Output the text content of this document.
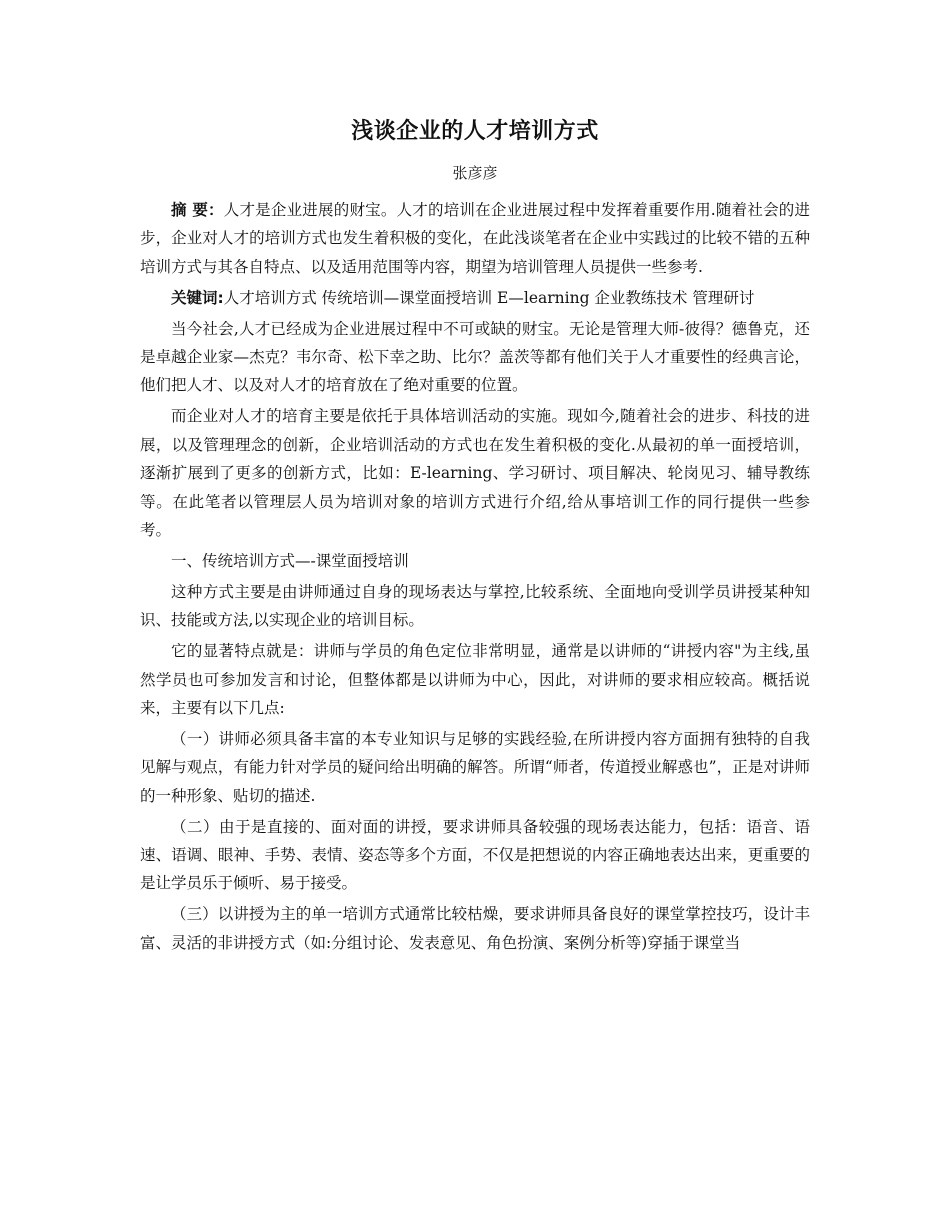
浅谈企业的人才培训方式
张彦彦

摘 要：人才是企业进展的财宝。人才的培训在企业进展过程中发挥着重要作用.随着社会的进步，企业对人才的培训方式也发生着积极的变化，在此浅谈笔者在企业中实践过的比较不错的五种培训方式与其各自特点、以及适用范围等内容，期望为培训管理人员提供一些参考.

关键词:人才培训方式 传统培训—课堂面授培训 E—learning 企业教练技术 管理研讨

当今社会,人才已经成为企业进展过程中不可或缺的财宝。无论是管理大师-彼得？德鲁克，还是卓越企业家—杰克？韦尔奇、松下幸之助、比尔？盖茨等都有他们关于人才重要性的经典言论，他们把人才、以及对人才的培育放在了绝对重要的位置。

而企业对人才的培育主要是依托于具体培训活动的实施。现如今,随着社会的进步、科技的进展，以及管理理念的创新，企业培训活动的方式也在发生着积极的变化.从最初的单一面授培训，逐渐扩展到了更多的创新方式，比如：E-learning、学习研讨、项目解决、轮岗见习、辅导教练等。在此笔者以管理层人员为培训对象的培训方式进行介绍,给从事培训工作的同行提供一些参考。

一、传统培训方式—-课堂面授培训

这种方式主要是由讲师通过自身的现场表达与掌控,比较系统、全面地向受训学员讲授某种知识、技能或方法,以实现企业的培训目标。

它的显著特点就是：讲师与学员的角色定位非常明显，通常是以讲师的“讲授内容"为主线,虽然学员也可参加发言和讨论，但整体都是以讲师为中心，因此，对讲师的要求相应较高。概括说来，主要有以下几点:

（一）讲师必须具备丰富的本专业知识与足够的实践经验,在所讲授内容方面拥有独特的自我见解与观点，有能力针对学员的疑问给出明确的解答。所谓“师者，传道授业解惑也”，正是对讲师的一种形象、贴切的描述.

（二）由于是直接的、面对面的讲授，要求讲师具备较强的现场表达能力，包括：语音、语速、语调、眼神、手势、表情、姿态等多个方面，不仅是把想说的内容正确地表达出来，更重要的是让学员乐于倾听、易于接受。

（三）以讲授为主的单一培训方式通常比较枯燥，要求讲师具备良好的课堂掌控技巧，设计丰富、灵活的非讲授方式（如:分组讨论、发表意见、角色扮演、案例分析等)穿插于课堂当
